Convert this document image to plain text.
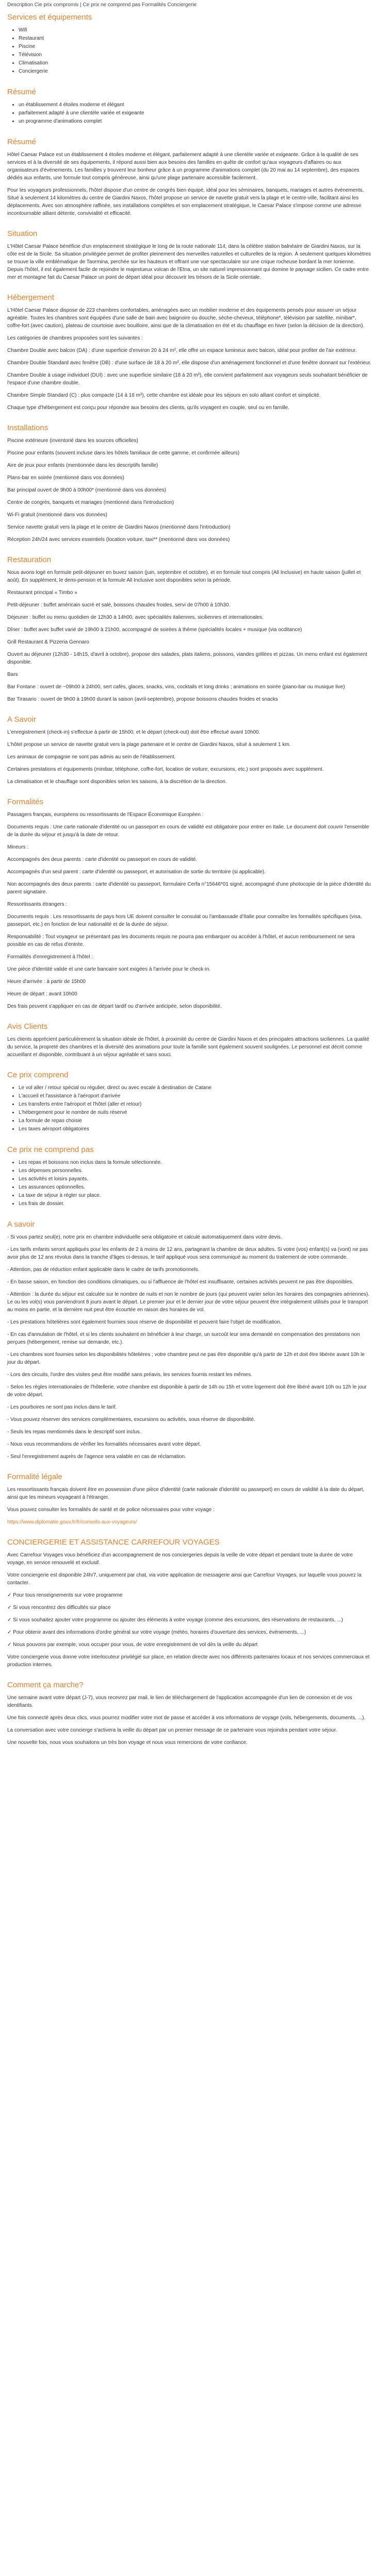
Description Cie prix compromis | Ce prix ne comprend pas Formalités Conciergerie
Services et équipements
• Wifi
• Restaurant
• Piscine
• Télévision
• Climatisation
• Conciergerie
Résumé
• un établissement 4 étoiles moderne et élégant
• parfaitement adapté à une clientèle variée et exigeante
• un programme d'animations complet
Résumé

Hôtel Caesar Palace est un établissement 4 étoiles moderne et élégant, parfaitement adapté à une clientèle variée et exigeante. Grâce à la qualité de ses services et à la diversité de ses équipements, il répond aussi bien aux besoins des familles en quête de confort qu'aux voyageurs d'affaires ou aux organisateurs d'événements. Les familles y trouvent leur bonheur grâce à un programme d'animations complet (du 20 mai au 14 septembre), des espaces dédiés aux enfants, une formule tout compris généreuse, ainsi qu'une plage partenaire accessible facilement.

Pour les voyageurs professionnels, l'hôtel dispose d'un centre de congrès bien équipé, idéal pour les séminaires, banquets, mariages et autres événements. Situé à seulement 14 kilomètres du centre de Giardini Naxos, l'hôtel propose un service de navette gratuit vers la plage et le centre-ville, facilitant ainsi les déplacements. Avec son atmosphère raffinée, ses installations complètes et son emplacement stratégique, le Caesar Palace s'impose comme une adresse incontournable alliant détente, convivialité et efficacité.

Situation

L'Hôtel Caesar Palace bénéficie d'un emplacement stratégique le long de la route nationale 114, dans la célèbre station balnéaire de Giardini Naxos, sur la côte est de la Sicile. Sa situation privilégiée permet de profiter pleinement des merveilles naturelles et culturelles de la région. À seulement quelques kilomètres se trouve la ville emblématique de Taormina, perchée sur les hauteurs et offrant une vue spectaculaire sur une crique rocheuse bordant la mer Ionienne. Depuis l'hôtel, il est également facile de rejoindre le majestueux volcan de l'Etna, un site naturel impressionnant qui domine le paysage sicilien. Ce cadre entre mer et montagne fait du Caesar Palace un point de départ idéal pour découvrir les trésors de la Sicile orientale.

Hébergement

L'Hôtel Caesar Palace dispose de 223 chambres confortables, aménagées avec un mobilier moderne et des équipements pensés pour assurer un séjour agréable. Toutes les chambres sont équipées d'une salle de bain avec baignoire ou douche, sèche-cheveux, téléphone*, télévision par satellite, minibar*, coffre-fort (avec caution), plateau de courtoisie avec bouilloire, ainsi que de la climatisation en été et du chauffage en hiver (selon la décision de la direction).

Les catégories de chambres proposées sont les suivantes :

Chambre Double avec balcon (DA) : d'une superficie d'environ 20 à 24 m², elle offre un espace lumineux avec balcon, idéal pour profiter de l'air extérieur.

Chambre Double Standard avec fenêtre (DB) : d'une surface de 18 à 20 m², elle dispose d'un aménagement fonctionnel et d'une fenêtre donnant sur l'extérieur.

Chambre Double à usage individuel (DUI) : avec une superficie similaire (18 à 20 m²), elle convient parfaitement aux voyageurs seuls souhaitant bénéficier de l'espace d'une chambre double.

Chambre Simple Standard (C) : plus compacte (14 à 16 m²), cette chambre est idéale pour les séjours en solo alliant confort et simplicité.

Chaque type d'hébergement est conçu pour répondre aux besoins des clients, qu'ils voyagent en couple, seul ou en famille.

Installations

Piscine extérieure (inventorié dans les sources officielles)

Piscine pour enfants (souvent incluse dans les hôtels familiaux de cette gamme, et confirmée ailleurs)

Aire de jeux pour enfants (mentionnée dans les descriptifs famille)

Plans-bar en soirée (mentionné dans vos données)

Bar principal ouvert de 9h00 à 00h00* (mentionné dans vos données)

Centre de congrès, banquets et mariages (mentionné dans l'introduction)

Wi-Fi gratuit (mentionné dans vos données)

Service navette gratuit vers la plage et le centre de Giardini Naxos (mentionné dans l'introduction)

Réception 24h/24 avec services essentiels (location voiture, taxi** (mentionné dans vos données)

Restauration

Nous avons logé en formule petit-déjeuner en buvez saison (juin, septembre et octobre), et en formule tout compris (All Inclusive) en haute saison (juillet et août). En supplément, le demi-pension et la formule All Inclusive sont disponibles selon la période.

Restaurant principal « Timbo »

Petit-déjeuner : buffet américain sucré et salé, boissons chaudes froides, servi de 07h00 à 10h30.

Déjeuner : buffet ou menu quotidien de 12h30 à 14h00, avec spécialités italiennes, siciliennes et internationales.

Dîner : buffet avec buffet varié de 19h00 à 21h00, accompagné de soirées à thème (spécialités locales + musique (via ocditance)

Grill Restaurant & Pizzeria Gennaro

Ouvert au déjeuner (12h30 - 14h15, d'avril à octobre), propose des salades, plats italiens, poissons, viandes grillées et pizzas. Un menu enfant est également disponible.

Bars

Bar Fontane : ouvert de ~09h00 à 24h00, sert cafés, glaces, snacks, vins, cocktails et long drinks ; animations en soirée (piano-bar ou musique live)

Bar Tirasario : ouvert de 9h00 à 19h00 durant la saison (avril-septembre), propose boissons chaudes froides et snacks

A Savoir

L'enregistrement (check-in) s'effectue à partir de 15h00, et le départ (check-out) doit être effectué avant 10h00.

L'hôtel propose un service de navette gratuit vers la plage partenaire et le centre de Giardini Naxos, situé à seulement 1 km.

Les animaux de compagnie ne sont pas admis au sein de l'établissement.

Certaines prestations et équipements (minibar, téléphone, coffre-fort, location de voiture, excursions, etc.) sont proposés avec supplément.

La climatisation et le chauffage sont disponibles selon les saisons, à la discrétion de la direction.

Formalités

Passagers français, européens ou ressortissants de l'Espace Économique Européen :

Documents requis : Une carte nationale d'identité ou un passeport en cours de validité est obligatoire pour entrer en Italie. Le document doit couvrir l'ensemble de la durée du séjour et jusqu'à la date de retour.

Mineurs :

Accompagnés des deux parents : carte d'identité ou passeport en cours de validité.

Accompagnés d'un seul parent : carte d'identité ou passeport, et autorisation de sortie du territoire (si applicable).

Non accompagnés des deux parents : carte d'identité ou passeport, formulaire Cerfa n°15646*01 signé, accompagné d'une photocopie de la pièce d'identité du parent signataire.

Ressortissants étrangers :

Documents requis : Les ressortissants de pays hors UE doivent consulter le consulat ou l'ambassade d'Italie pour connaître les formalités spécifiques (visa, passeport, etc.) en fonction de leur nationalité et de la durée de séjour.

Responsabilité : Tout voyageur se présentant pas les documents requis ne pourra pas embarquer ou accéder à l'hôtel, et aucun remboursement ne sera possible en cas de refus d'entrée.

Formalités d'enregistrement à l'hôtel :

Une pièce d'identité valide et une carte bancaire sont exigées à l'arrivée pour le check-in.

Heure d'arrivée : à partir de 15h00

Heure de départ : avant 10h00

Des frais peuvent s'appliquer en cas de départ tardif ou d'arrivée anticipée, selon disponibilité.

Avis Clients

Les clients apprécient particulièrement la situation idéale de l'hôtel, à proximité du centre de Giardini Naxos et des principales attractions siciliennes. La qualité du service, la propreté des chambres et la diversité des animations pour toute la famille sont également souvent soulignées. Le personnel est décrit comme accueillant et disponible, contribuant à un séjour agréable et sans souci.

Ce prix comprend
• Le vol aller / retour spécial ou régulier, direct ou avec escale à destination de Catane
• L'accueil et l'assistance à l'aéroport d'arrivée
• Les transferts entre l'aéroport et l'hôtel (aller et retour)
• L'hébergement pour le nombre de nuits réservé
• La formule de repas choisie
• Les taxes aéroport obligatoires
Ce prix ne comprend pas
• Les repas et boissons non inclus dans la formule sélectionnée.
• Les dépenses personnelles.
• Les activités et loisirs payants.
• Les assurances optionnelles.
• La taxe de séjour à régler sur place.
• Les frais de dossier.
A savoir

- Si vous partez seul(e), notre prix en chambre individuelle sera obligatoire et calculé automatiquement dans votre devis.

- Les tarifs enfants seront appliqués pour les enfants de 2 à moins de 12 ans, partageant la chambre de deux adultes. Si votre (vos) enfant(s) va (vont) ne pas avoir plus de 12 ans révolus dans la tranche d'âges ci-dessus, le tarif appliqué vous sera communiqué au moment du traitement de votre commande.

- Attention, pas de réduction enfant applicable dans le cadre de tarifs promotionnels.

- En basse saison, en fonction des conditions climatiques, ou si l'affluence de l'hôtel est insuffisante, certaines activités peuvent ne pas être disponibles.

- Attention : la durée du séjour est calculée sur le nombre de nuits et non le nombre de jours (qui peuvent varier selon les horaires des compagnies aériennes). Le ou les vol(s) vous parviendront 8 jours avant le départ. Le premier jour et le dernier jour de votre séjour peuvent être intégralement utilisés pour le transport au moins en partie, et la dernière nuit peut être écourtée en raison des horaires de vol.

- Les prestations hôtelières sont également fournies sous réserve de disponibilité et peuvent faire l'objet de modification.

- En cas d'annulation de l'hôtel, et si les clients souhaitent en bénéficier à leur charge, un surcoût leur sera demandé en compensation des prestations non perçues (hébergement, remise sur demande, etc.).

- Les chambres sont fournies selon les disponibilités hôtelières ; votre chambre peut ne pas être disponible qu'à partir de 12h et doit être libérée avant 10h le jour du départ.

- Lors des circuits, l'ordre des visites peut être modifié sans préavis, les services fournis restant les mêmes.

- Selon les règles internationales de l'hôtellerie, votre chambre est disponible à partir de 14h ou 15h et votre logement doit être libéré avant 10h ou 12h le jour de votre départ.

- Les pourboires ne sont pas inclus dans le tarif.

- Vous pouvez réserver des services complémentaires, excursions ou activités, sous réserve de disponibilité.

- Seuls les repas mentionnés dans le descriptif sont inclus.

- Nous vous recommandons de vérifier les formalités nécessaires avant votre départ.

- Seul l'enregistrement auprès de l'agence sera valable en cas de réclamation.

Formalité légale

Les ressortissants français doivent être en possession d'une pièce d'identité (carte nationale d'identité ou passeport) en cours de validité à la date du départ, ainsi que les mineurs voyageant à l'étranger.

Vous pouvez consulter les formalités de santé et de police nécessaires pour votre voyage :

https://www.diplomatie.gouv.fr/fr/conseils-aux-voyageurs/

CONCIERGERIE ET ASSISTANCE CARREFOUR VOYAGES

Avec Carrefour Voyages vous bénéficiez d'un accompagnement de nos conciergeries depuis la veille de votre départ et pendant toute la durée de votre voyage, en service renouvelé et exclusif.

Votre conciergerie est disponible 24h/7, uniquement par chat, via votre application de messagerie ainsi que Carrefour Voyages, sur laquelle vous pouvez la contacter.

✓ Pour tous renseignements sur votre programme

✓ Si vous rencontrez des difficultés sur place

✓ Si vous souhaitez ajouter votre programme ou ajouter des éléments à votre voyage (comme des excursions, des réservations de restaurants, ...)

✓ Pour obtenir avant des informations d'ordre général sur votre voyage (météo, horaires d'ouverture des services, événements, ...)

✓ Nous pouvons par exemple, vous occuper pour vous, de votre enregistrement de vol dès la veille du départ

Votre conciergerie vous donne votre interlocuteur privilégié sur place, en relation directe avec nos différents partenaires locaux et nos services commerciaux et production internes.

Comment ça marche?

Une semaine avant votre départ (J-7), vous recevrez par mail, le lien de téléchargement de l'application accompagnée d'un lien de connexion et de vos identifiants.

Une fois connecté après deux clics, vous pourrez modifier votre mot de passe et accéder à vos informations de voyage (vols, hébergements, documents, ...).

La conversation avec votre concierge s'activera la veille du départ par un premier message de ce partenaire vous rejoindra pendant votre séjour.

Une nouvelle fois, nous vous souhaitons un très bon voyage et nous vous remercions de votre confiance.
